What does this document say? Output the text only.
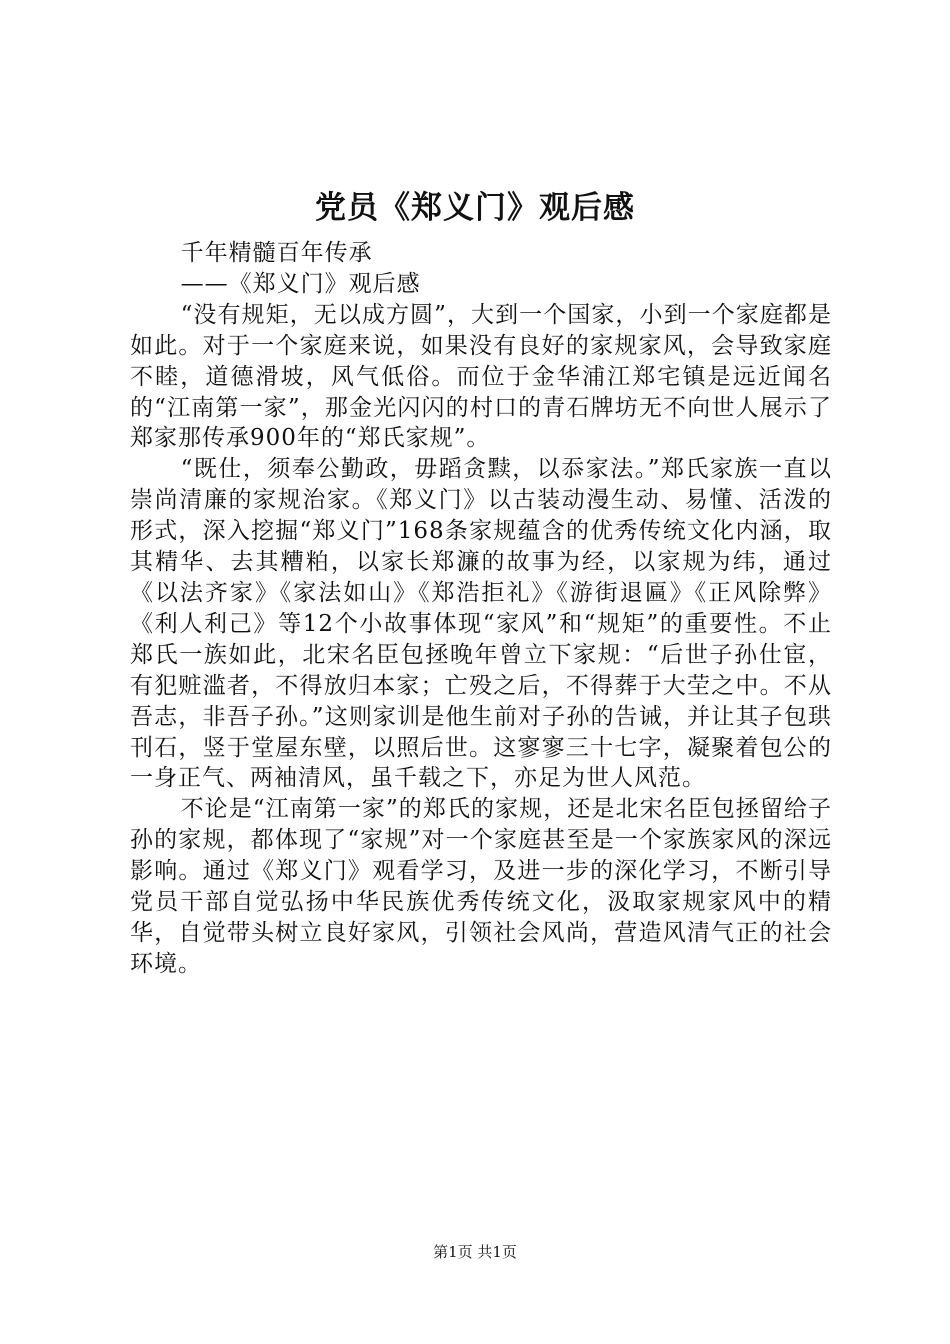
党员《郑义门》观后感

千年精髓百年传承

——《郑义门》观后感

“没有规矩，无以成方圆”，大到一个国家，小到一个家庭都是如此。对于一个家庭来说，如果没有良好的家规家风，会导致家庭不睦，道德滑坡，风气低俗。而位于金华浦江郑宅镇是远近闻名的“江南第一家”，那金光闪闪的村口的青石牌坊无不向世人展示了郑家那传承900年的“郑氏家规”。

“既仕，须奉公勤政，毋蹈贪黩，以忝家法。”郑氏家族一直以崇尚清廉的家规治家。《郑义门》以古装动漫生动、易懂、活泼的形式，深入挖掘“郑义门”168条家规蕴含的优秀传统文化内涵，取其精华、去其糟粕，以家长郑濂的故事为经，以家规为纬，通过《以法齐家》《家法如山》《郑浩拒礼》《游街退匾》《正风除弊》《利人利己》等12个小故事体现“家风”和“规矩”的重要性。不止郑氏一族如此，北宋名臣包拯晚年曾立下家规：“后世子孙仕宦，有犯赃滥者，不得放归本家；亡殁之后，不得葬于大茔之中。不从吾志，非吾子孙。”这则家训是他生前对子孙的告诫，并让其子包珙刊石，竖于堂屋东壁，以照后世。这寥寥三十七字，凝聚着包公的一身正气、两袖清风，虽千载之下，亦足为世人风范。

不论是“江南第一家”的郑氏的家规，还是北宋名臣包拯留给子孙的家规，都体现了“家规”对一个家庭甚至是一个家族家风的深远影响。通过《郑义门》观看学习，及进一步的深化学习，不断引导党员干部自觉弘扬中华民族优秀传统文化，汲取家规家风中的精华，自觉带头树立良好家风，引领社会风尚，营造风清气正的社会环境。

第1页 共1页
